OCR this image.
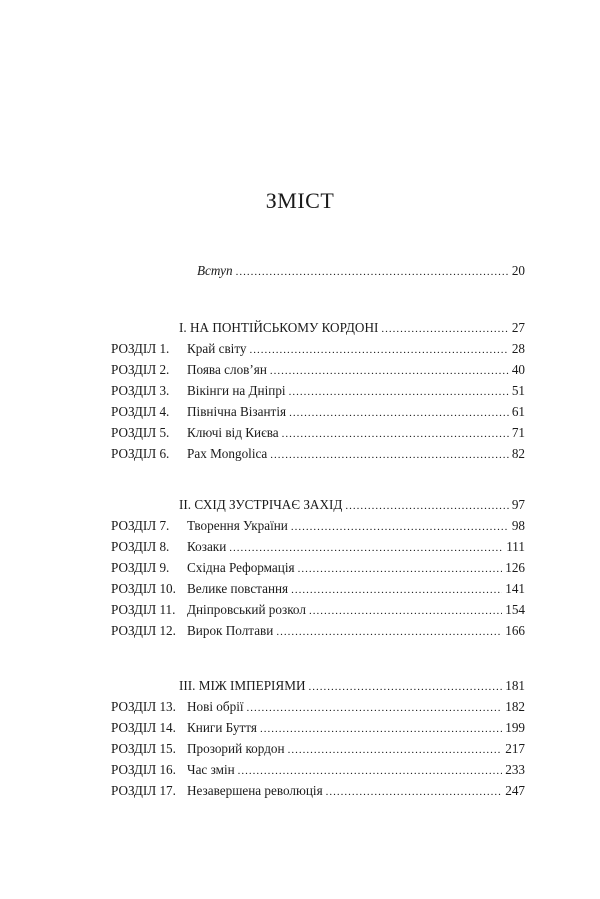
ЗМІСТ
Вступ .....	20
I. НА ПОНТІЙСЬКОМУ КОРДОНІ .....	27
РОЗДІЛ 1. Край світу .....	28
РОЗДІЛ 2. Поява слов’ян .....	40
РОЗДІЛ 3. Вікінги на Дніпрі .....	51
РОЗДІЛ 4. Північна Візантія .....	61
РОЗДІЛ 5. Ключі від Києва .....	71
РОЗДІЛ 6. Pax Mongolica .....	82
II. СХІД ЗУСТРІЧАЄ ЗАХІД .....	97
РОЗДІЛ 7. Творення України .....	98
РОЗДІЛ 8. Козаки .....	111
РОЗДІЛ 9. Східна Реформація .....	126
РОЗДІЛ 10. Велике повстання .....	141
РОЗДІЛ 11. Дніпровський розкол .....	154
РОЗДІЛ 12. Вирок Полтави .....	166
III. МІЖ ІМПЕРІЯМИ .....	181
РОЗДІЛ 13. Нові обрії .....	182
РОЗДІЛ 14. Книги Буття .....	199
РОЗДІЛ 15. Прозорий кордон .....	217
РОЗДІЛ 16. Час змін .....	233
РОЗДІЛ 17. Незавершена революція .....	247
